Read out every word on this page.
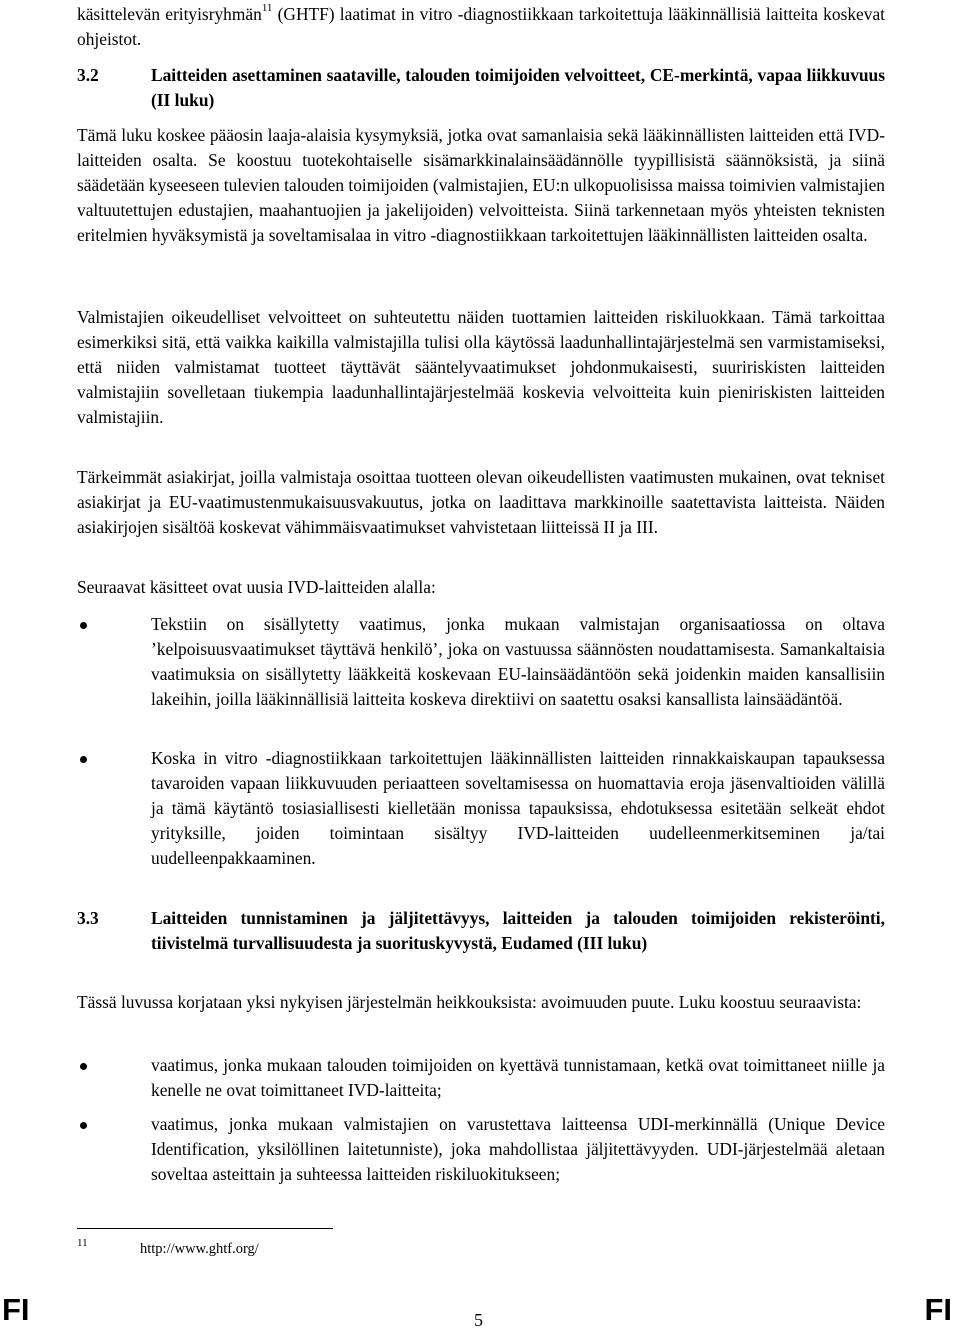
käsittelevän erityisryhmän$^{11}$ (GHTF) laatimat in vitro -diagnostiikkaan tarkoitettuja lääkinnällisiä laitteita koskevat ohjeistot.

3.2	Laitteiden asettaminen saataville, talouden toimijoiden velvoitteet, CE-merkintä, vapaa liikkuvuus (II luku)

Tämä luku koskee pääosin laaja-alaisia kysymyksiä, jotka ovat samanlaisia sekä lääkinnällisten laitteiden että IVD-laitteiden osalta. Se koostuu tuotekohtaiselle sisämarkkinalainsäädännölle tyypillisistä säännöksistä, ja siinä säädetään kyseeseen tulevien talouden toimijoiden (valmistajien, EU:n ulkopuolisissa maissa toimivien valmistajien valtuutettujen edustajien, maahantuojien ja jakelijoiden) velvoitteista. Siinä tarkennetaan myös yhteisten teknisten eritelmien hyväksymistä ja soveltamisalaa in vitro -diagnostiikkaan tarkoitettujen lääkinnällisten laitteiden osalta.

Valmistajien oikeudelliset velvoitteet on suhteutettu näiden tuottamien laitteiden riskiluokkaan. Tämä tarkoittaa esimerkiksi sitä, että vaikka kaikilla valmistajilla tulisi olla käytössä laadunhallintajärjestelmä sen varmistamiseksi, että niiden valmistamat tuotteet täyttävät sääntelyvaatimukset johdonmukaisesti, suuririskisten laitteiden valmistajiin sovelletaan tiukempia laadunhallintajärjestelmää koskevia velvoitteita kuin pieniriskisten laitteiden valmistajiin.

Tärkeimmät asiakirjat, joilla valmistaja osoittaa tuotteen olevan oikeudellisten vaatimusten mukainen, ovat tekniset asiakirjat ja EU-vaatimustenmukaisuusvakuutus, jotka on laadittava markkinoille saatettavista laitteista. Näiden asiakirjojen sisältöä koskevat vähimmäisvaatimukset vahvistetaan liitteissä II ja III.

Seuraavat käsitteet ovat uusia IVD-laitteiden alalla:

Tekstiin on sisällytetty vaatimus, jonka mukaan valmistajan organisaatiossa on oltava ’kelpoisuusvaatimukset täyttävä henkilö’, joka on vastuussa säännösten noudattamisesta. Samankaltaisia vaatimuksia on sisällytetty lääkkeitä koskevaan EU-lainsäädäntöön sekä joidenkin maiden kansallisiin lakeihin, joilla lääkinnällisiä laitteita koskeva direktiivi on saatettu osaksi kansallista lainsäädäntöä.
Koska in vitro -diagnostiikkaan tarkoitettujen lääkinnällisten laitteiden rinnakkaiskaupan tapauksessa tavaroiden vapaan liikkuvuuden periaatteen soveltamisessa on huomattavia eroja jäsenvaltioiden välillä ja tämä käytäntö tosiasiallisesti kielletään monissa tapauksissa, ehdotuksessa esitetään selkeät ehdot yrityksille, joiden toimintaan sisältyy IVD-laitteiden uudelleenmerkitseminen ja/tai uudelleenpakkaaminen.
3.3	Laitteiden tunnistaminen ja jäljitettävyys, laitteiden ja talouden toimijoiden rekisteröinti, tiivistelmä turvallisuudesta ja suorituskyvystä, Eudamed (III luku)

Tässä luvussa korjataan yksi nykyisen järjestelmän heikkouksista: avoimuuden puute. Luku koostuu seuraavista:

vaatimus, jonka mukaan talouden toimijoiden on kyettävä tunnistamaan, ketkä ovat toimittaneet niille ja kenelle ne ovat toimittaneet IVD-laitteita;
vaatimus, jonka mukaan valmistajien on varustettava laitteensa UDI-merkinnällä (Unique Device Identification, yksilöllinen laitetunniste), joka mahdollistaa jäljitettävyyden. UDI-järjestelmää aletaan soveltaa asteittain ja suhteessa laitteiden riskiluokitukseen;
11	http://www.ghtf.org/
FI	5	FI
